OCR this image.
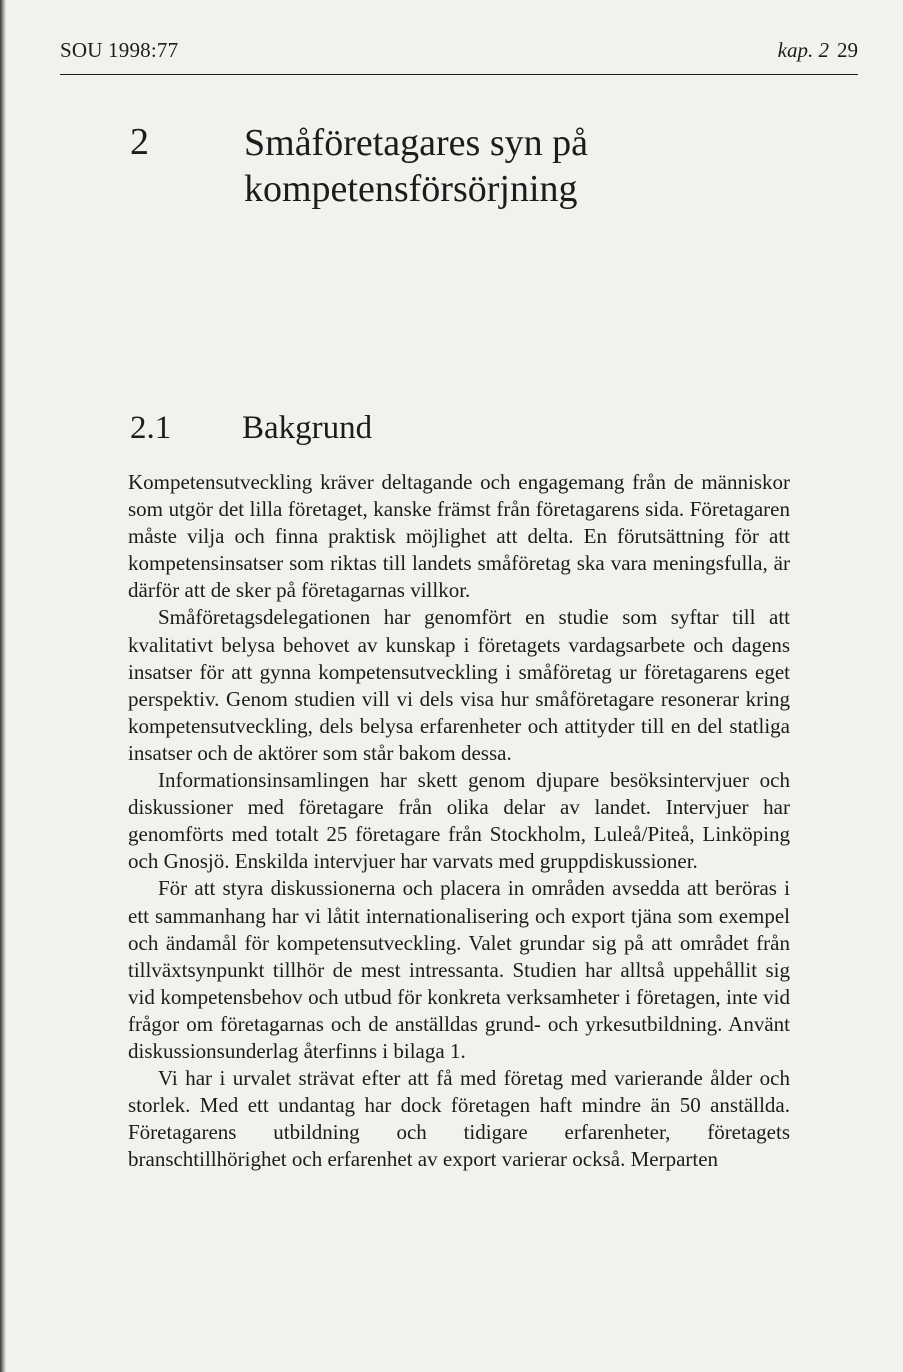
SOU 1998:77	kap. 2 29
2	Småföretagares syn på kompetensförsörjning
2.1 Bakgrund

Kompetensutveckling kräver deltagande och engagemang från de människor som utgör det lilla företaget, kanske främst från företagarens sida. Företagaren måste vilja och finna praktisk möjlighet att delta. En förutsättning för att kompetensinsatser som riktas till landets småföretag ska vara meningsfulla, är därför att de sker på företagarnas villkor.

Småföretagsdelegationen har genomfört en studie som syftar till att kvalitativt belysa behovet av kunskap i företagets vardagsarbete och dagens insatser för att gynna kompetensutveckling i småföretag ur företagarens eget perspektiv. Genom studien vill vi dels visa hur småföretagare resonerar kring kompetensutveckling, dels belysa erfarenheter och attityder till en del statliga insatser och de aktörer som står bakom dessa.

Informationsinsamlingen har skett genom djupare besöksintervjuer och diskussioner med företagare från olika delar av landet. Intervjuer har genomförts med totalt 25 företagare från Stockholm, Luleå/Piteå, Linköping och Gnosjö. Enskilda intervjuer har varvats med gruppdiskussioner.

För att styra diskussionerna och placera in områden avsedda att beröras i ett sammanhang har vi låtit internationalisering och export tjäna som exempel och ändamål för kompetensutveckling. Valet grundar sig på att området från tillväxtsynpunkt tillhör de mest intressanta. Studien har alltså uppehållit sig vid kompetensbehov och utbud för konkreta verksamheter i företagen, inte vid frågor om företagarnas och de anställdas grund- och yrkesutbildning. Använt diskussionsunderlag återfinns i bilaga 1.

Vi har i urvalet strävat efter att få med företag med varierande ålder och storlek. Med ett undantag har dock företagen haft mindre än 50 anställda. Företagarens utbildning och tidigare erfarenheter, företagets branschtillhörighet och erfarenhet av export varierar också. Merparten
